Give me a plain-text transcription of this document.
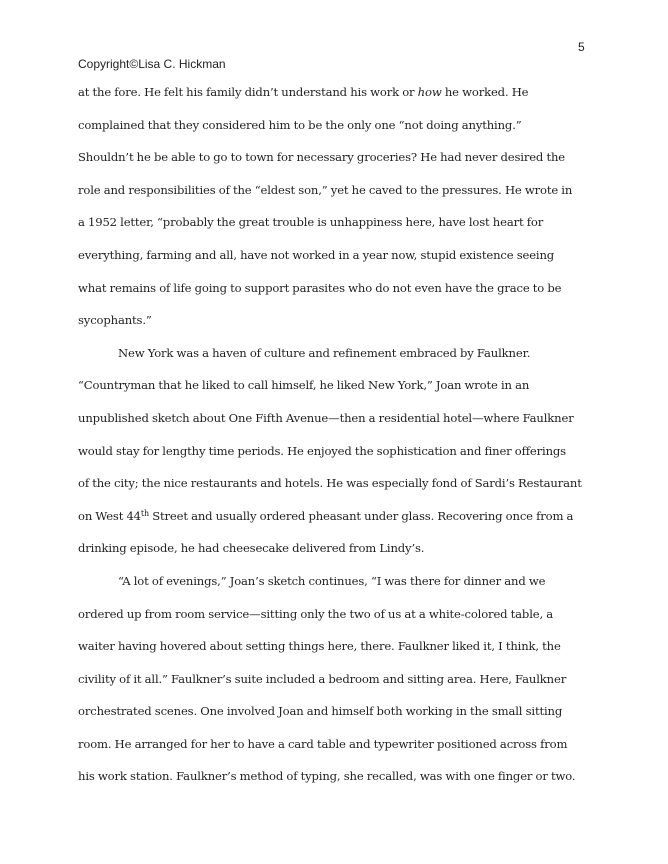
5
Copyright©Lisa C. Hickman
at the fore. He felt his family didn’t understand his work or how he worked. He
complained that they considered him to be the only one “not doing anything.”
Shouldn’t he be able to go to town for necessary groceries? He had never desired the
role and responsibilities of the “eldest son,” yet he caved to the pressures. He wrote in
a 1952 letter, “probably the great trouble is unhappiness here, have lost heart for
everything, farming and all, have not worked in a year now, stupid existence seeing
what remains of life going to support parasites who do not even have the grace to be
sycophants.”
New York was a haven of culture and refinement embraced by Faulkner.
“Countryman that he liked to call himself, he liked New York,” Joan wrote in an
unpublished sketch about One Fifth Avenue—then a residential hotel—where Faulkner
would stay for lengthy time periods. He enjoyed the sophistication and finer offerings
of the city; the nice restaurants and hotels. He was especially fond of Sardi’s Restaurant
on West 44th Street and usually ordered pheasant under glass. Recovering once from a
drinking episode, he had cheesecake delivered from Lindy’s.
“A lot of evenings,” Joan’s sketch continues, “I was there for dinner and we
ordered up from room service—sitting only the two of us at a white-colored table, a
waiter having hovered about setting things here, there. Faulkner liked it, I think, the
civility of it all.” Faulkner’s suite included a bedroom and sitting area. Here, Faulkner
orchestrated scenes. One involved Joan and himself both working in the small sitting
room. He arranged for her to have a card table and typewriter positioned across from
his work station. Faulkner’s method of typing, she recalled, was with one finger or two.
